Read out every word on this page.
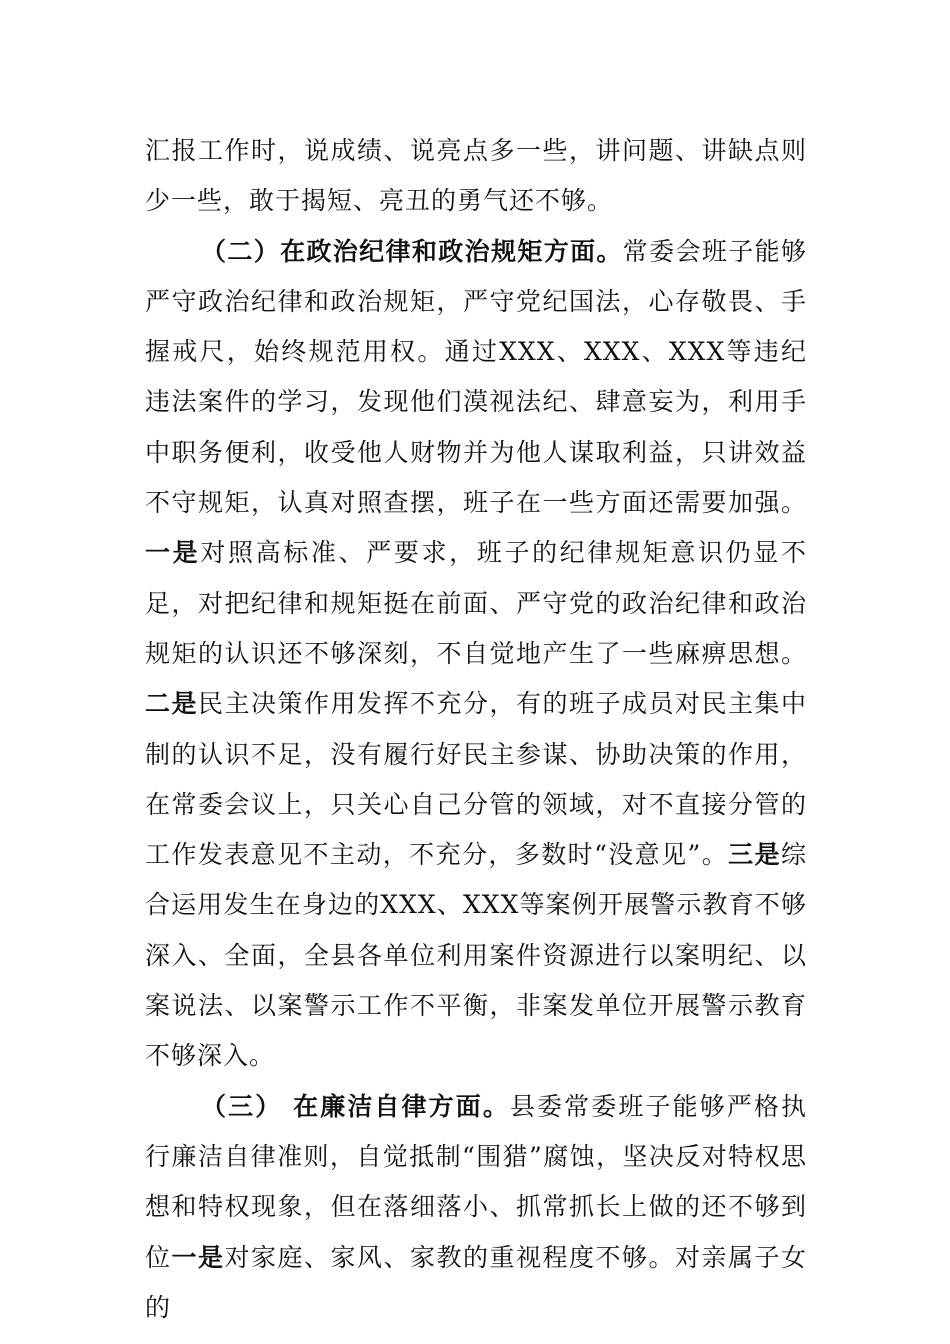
汇报工作时，说成绩、说亮点多一些，讲问题、讲缺点则少一些，敢于揭短、亮丑的勇气还不够。

（二）在政治纪律和政治规矩方面。常委会班子能够严守政治纪律和政治规矩，严守党纪国法，心存敬畏、手握戒尺，始终规范用权。通过XXX、XXX、XXX等违纪违法案件的学习，发现他们漠视法纪、肆意妄为，利用手中职务便利，收受他人财物并为他人谋取利益，只讲效益不守规矩，认真对照查摆，班子在一些方面还需要加强。一是对照高标准、严要求，班子的纪律规矩意识仍显不足，对把纪律和规矩挺在前面、严守党的政治纪律和政治规矩的认识还不够深刻，不自觉地产生了一些麻痹思想。二是民主决策作用发挥不充分，有的班子成员对民主集中制的认识不足，没有履行好民主参谋、协助决策的作用，在常委会议上，只关心自己分管的领域，对不直接分管的工作发表意见不主动，不充分，多数时“没意见”。三是综合运用发生在身边的XXX、XXX等案例开展警示教育不够深入、全面，全县各单位利用案件资源进行以案明纪、以案说法、以案警示工作不平衡，非案发单位开展警示教育不够深入。

（三） 在廉洁自律方面。县委常委班子能够严格执行廉洁自律准则，自觉抵制“围猎”腐蚀，坚决反对特权思想和特权现象，但在落细落小、抓常抓长上做的还不够到位一是对家庭、家风、家教的重视程度不够。对亲属子女的
